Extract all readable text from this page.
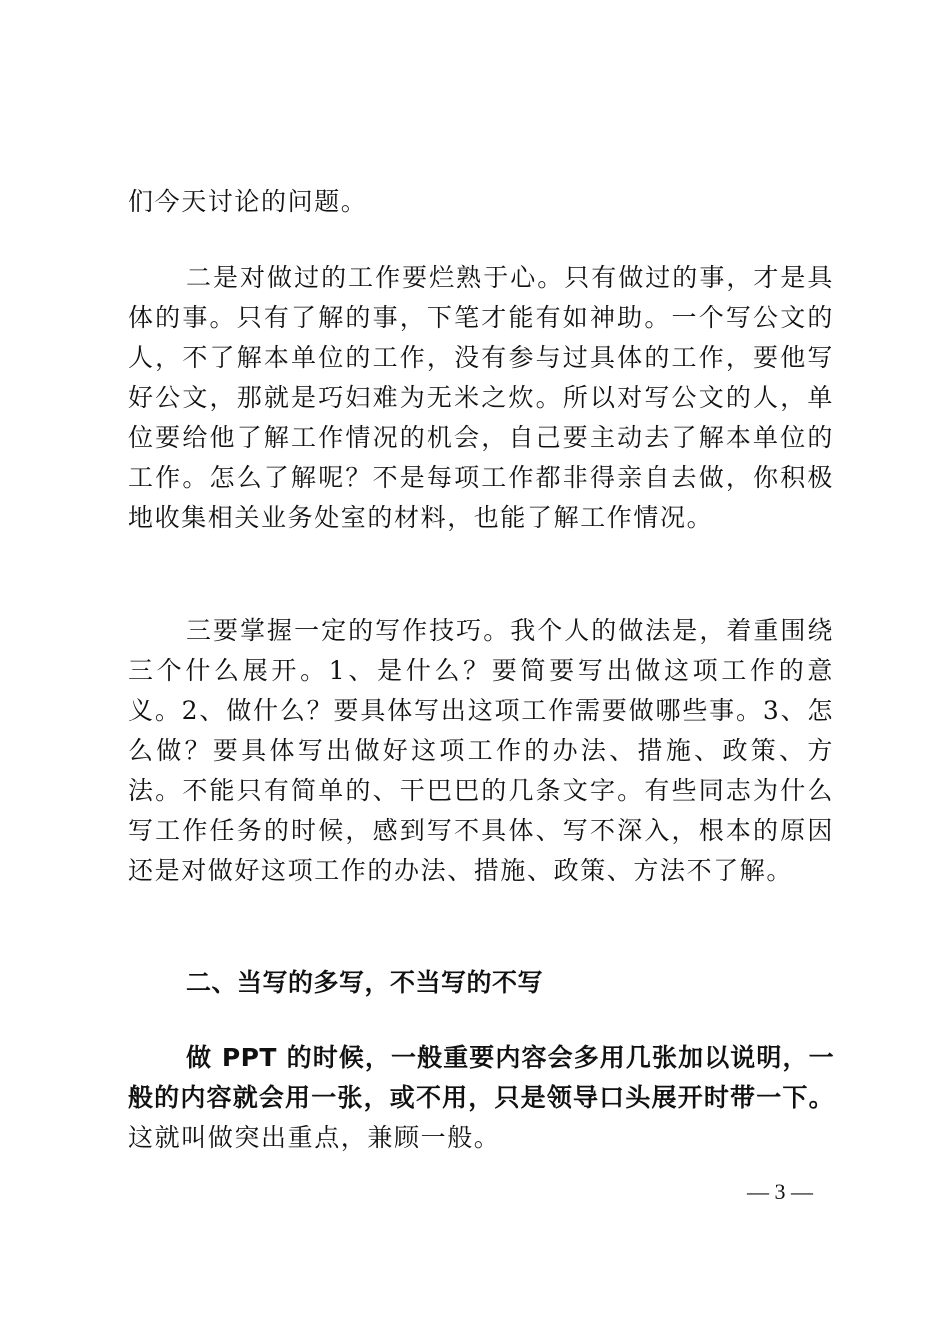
们今天讨论的问题。

二是对做过的工作要烂熟于心。只有做过的事，才是具体的事。只有了解的事，下笔才能有如神助。一个写公文的人，不了解本单位的工作，没有参与过具体的工作，要他写好公文，那就是巧妇难为无米之炊。所以对写公文的人，单位要给他了解工作情况的机会，自己要主动去了解本单位的工作。怎么了解呢？不是每项工作都非得亲自去做，你积极地收集相关业务处室的材料，也能了解工作情况。

三要掌握一定的写作技巧。我个人的做法是，着重围绕三个什么展开。1、是什么？要简要写出做这项工作的意义。2、做什么？要具体写出这项工作需要做哪些事。3、怎么做？要具体写出做好这项工作的办法、措施、政策、方法。不能只有简单的、干巴巴的几条文字。有些同志为什么写工作任务的时候，感到写不具体、写不深入，根本的原因还是对做好这项工作的办法、措施、政策、方法不了解。

二、当写的多写，不当写的不写

做 PPT 的时候，一般重要内容会多用几张加以说明，一般的内容就会用一张，或不用，只是领导口头展开时带一下。这就叫做突出重点，兼顾一般。

— 3 —
